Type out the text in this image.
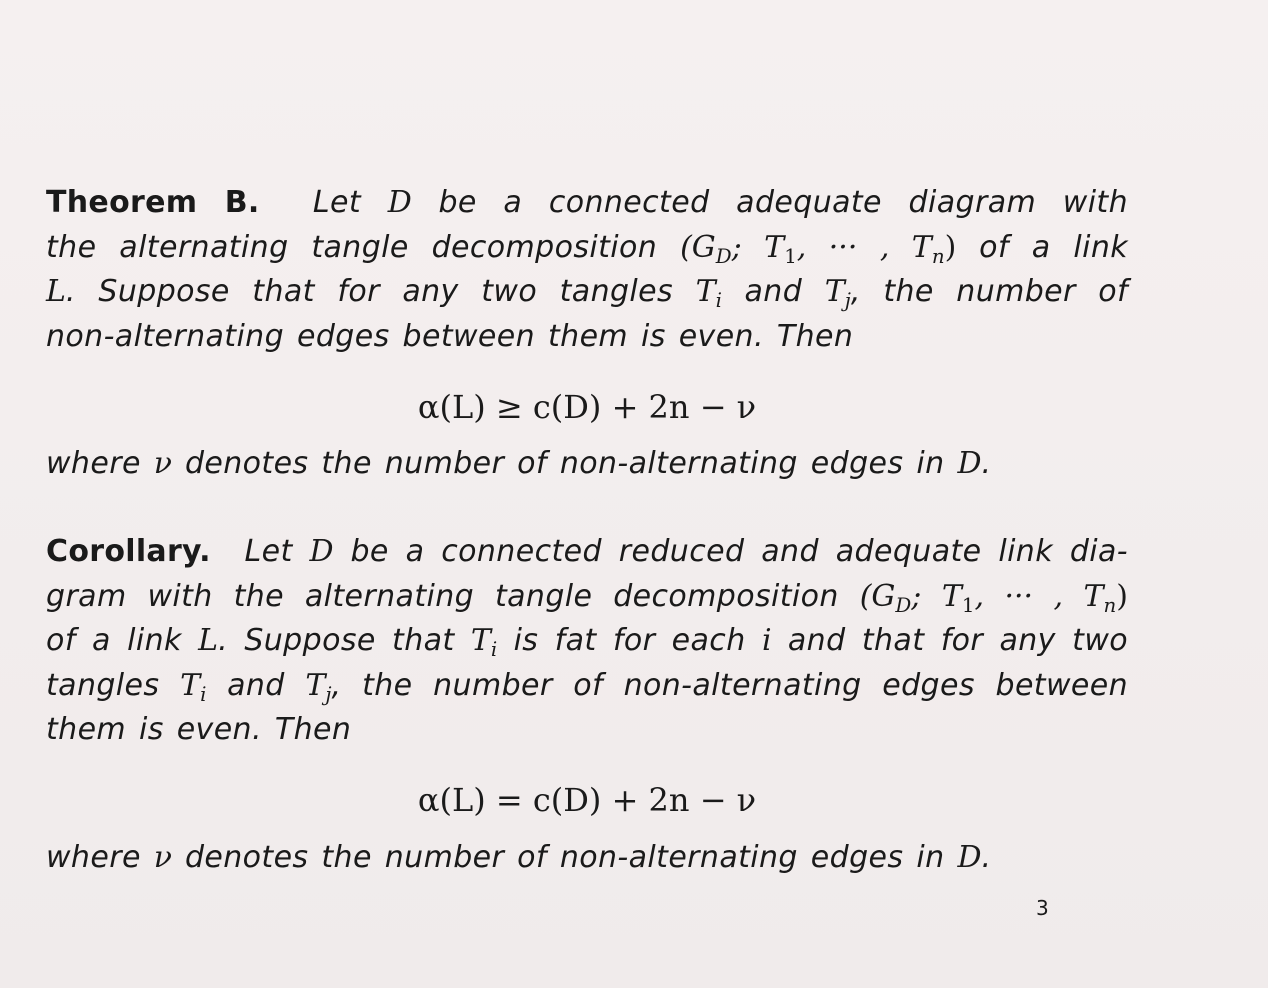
Theorem B. Let D be a connected adequate diagram with

the alternating tangle decomposition ($G_D$; $T_1$, ··· , $T_n$) of a link

L. Suppose that for any two tangles $T_i$ and $T_j$, the number of

non-alternating edges between them is even. Then

α(L) ≥ c(D) + 2n − ν
where ν denotes the number of non-alternating edges in D.

Corollary. Let D be a connected reduced and adequate link dia-

gram with the alternating tangle decomposition ($G_D$; $T_1$, ··· , $T_n$)

of a link L. Suppose that $T_i$ is fat for each i and that for any two

tangles $T_i$ and $T_j$, the number of non-alternating edges between

them is even. Then

α(L) = c(D) + 2n − ν
where ν denotes the number of non-alternating edges in D.
3
